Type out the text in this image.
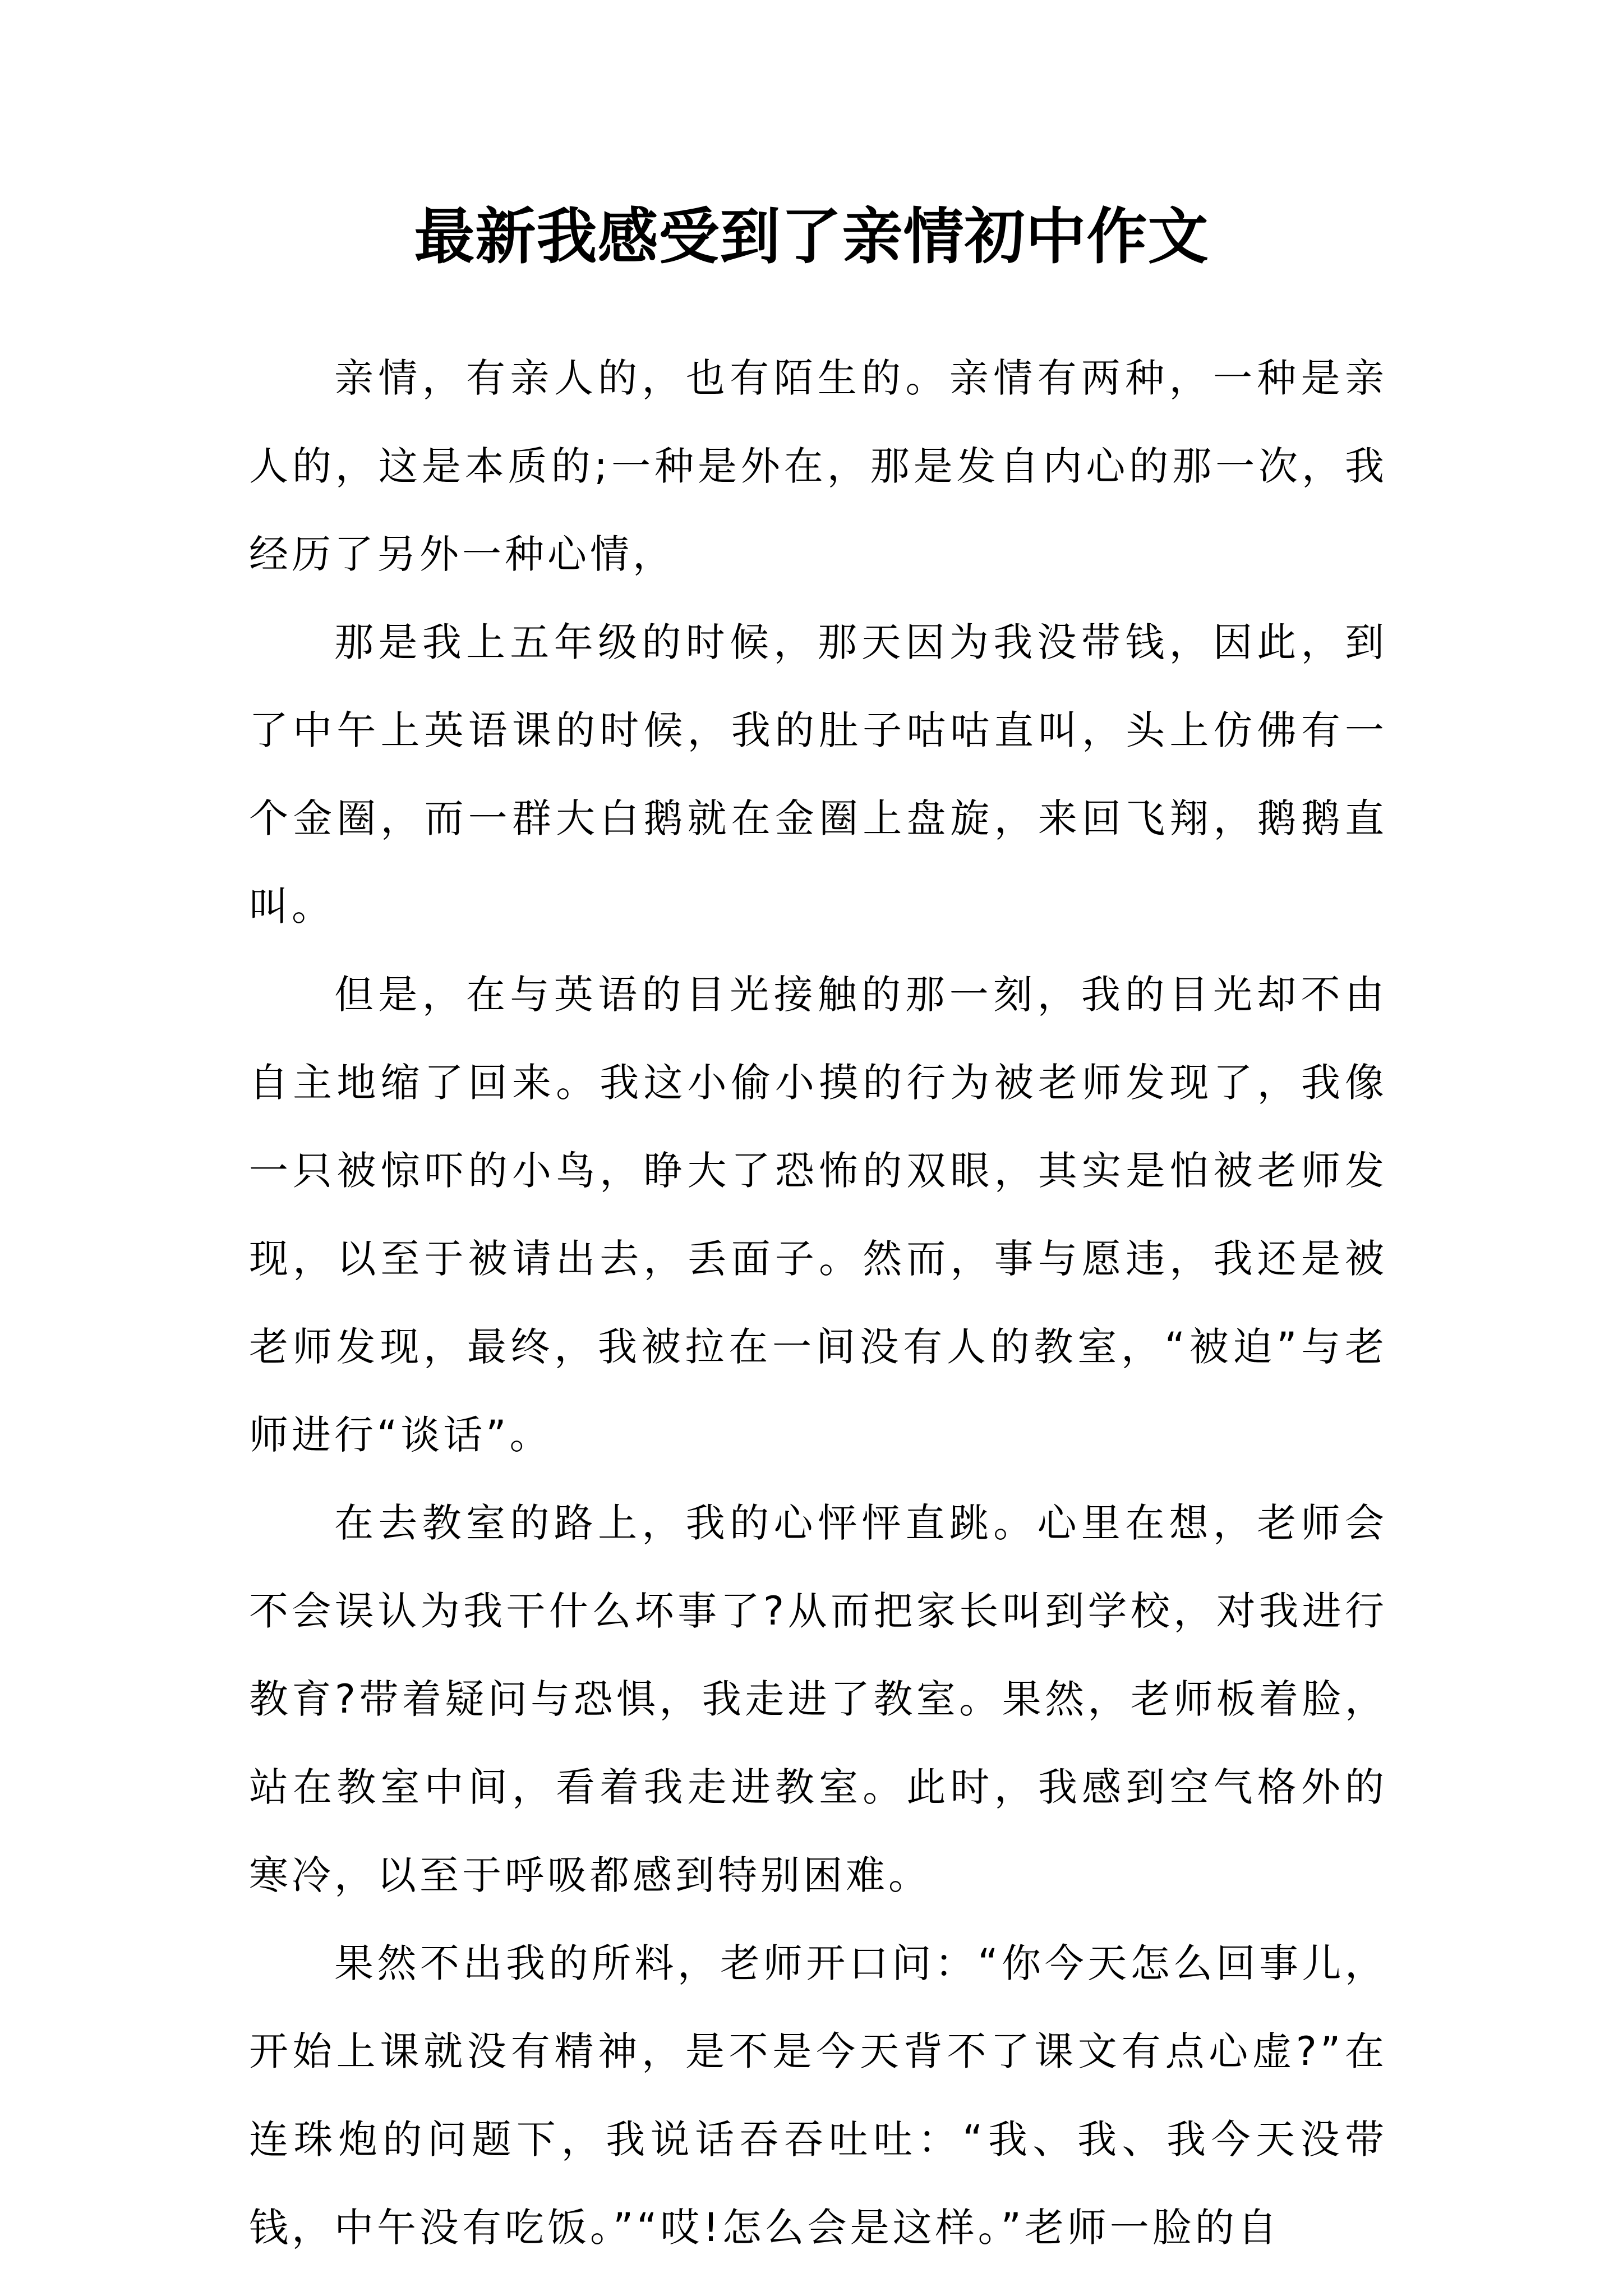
最新我感受到了亲情初中作文

亲情，有亲人的，也有陌生的。亲情有两种，一种是亲人的，这是本质的;一种是外在，那是发自内心的那一次，我经历了另外一种心情，

那是我上五年级的时候，那天因为我没带钱，因此，到了中午上英语课的时候，我的肚子咕咕直叫，头上仿佛有一个金圈，而一群大白鹅就在金圈上盘旋，来回飞翔，鹅鹅直叫。

但是，在与英语的目光接触的那一刻，我的目光却不由自主地缩了回来。我这小偷小摸的行为被老师发现了，我像一只被惊吓的小鸟，睁大了恐怖的双眼，其实是怕被老师发现，以至于被请出去，丢面子。然而，事与愿违，我还是被老师发现，最终，我被拉在一间没有人的教室，“被迫”与老师进行“谈话”。

在去教室的路上，我的心怦怦直跳。心里在想，老师会不会误认为我干什么坏事了?从而把家长叫到学校，对我进行教育?带着疑问与恐惧，我走进了教室。果然，老师板着脸，站在教室中间，看着我走进教室。此时，我感到空气格外的寒冷，以至于呼吸都感到特别困难。

果然不出我的所料，老师开口问：“你今天怎么回事儿，开始上课就没有精神，是不是今天背不了课文有点心虚?”在连珠炮的问题下，我说话吞吞吐吐：“我、我、我今天没带钱，中午没有吃饭。”“哎!怎么会是这样。”老师一脸的自
